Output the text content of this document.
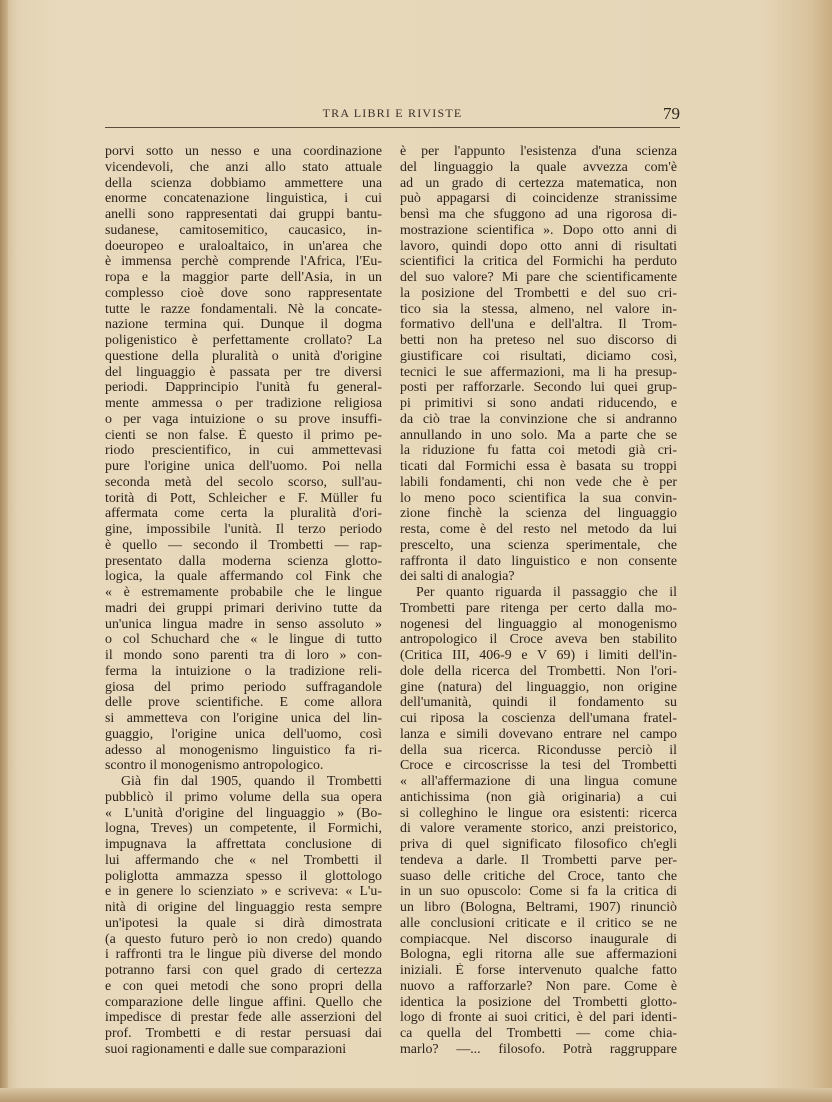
TRA LIBRI E RIVISTE	79
porvi sotto un nesso e una coordinazione
vicendevoli, che anzi allo stato attuale
della scienza dobbiamo ammettere una
enorme concatenazione linguistica, i cui
anelli sono rappresentati dai gruppi bantu-
sudanese, camitosemitico, caucasico, in-
doeuropeo e uraloaltaico, in un'area che
è immensa perchè comprende l'Africa, l'Eu-
ropa e la maggior parte dell'Asia, in un
complesso cioè dove sono rappresentate
tutte le razze fondamentali. Nè la concate-
nazione termina qui. Dunque il dogma
poligenistico è perfettamente crollato? La
questione della pluralità o unità d'origine
del linguaggio è passata per tre diversi
periodi. Dapprincipio l'unità fu general-
mente ammessa o per tradizione religiosa
o per vaga intuizione o su prove insuffi-
cienti se non false. È questo il primo pe-
riodo prescientifico, in cui ammettevasi
pure l'origine unica dell'uomo. Poi nella
seconda metà del secolo scorso, sull'au-
torità di Pott, Schleicher e F. Müller fu
affermata come certa la pluralità d'ori-
gine, impossibile l'unità. Il terzo periodo
è quello — secondo il Trombetti — rap-
presentato dalla moderna scienza glotto-
logica, la quale affermando col Fink che
« è estremamente probabile che le lingue
madri dei gruppi primari derivino tutte da
un'unica lingua madre in senso assoluto »
o col Schuchard che « le lingue di tutto
il mondo sono parenti tra di loro » con-
ferma la intuizione o la tradizione reli-
giosa del primo periodo suffragandole
delle prove scientifiche. E come allora
si ammetteva con l'origine unica del lin-
guaggio, l'origine unica dell'uomo, così
adesso al monogenismo linguistico fa ri-
scontro il monogenismo antropologico.
Già fin dal 1905, quando il Trombetti
pubblicò il primo volume della sua opera
« L'unità d'origine del linguaggio » (Bo-
logna, Treves) un competente, il Formichi,
impugnava la affrettata conclusione di
lui affermando che « nel Trombetti il
poliglotta ammazza spesso il glottologo
e in genere lo scienziato » e scriveva: « L'u-
nità di origine del linguaggio resta sempre
un'ipotesi la quale si dirà dimostrata
(a questo futuro però io non credo) quando
i raffronti tra le lingue più diverse del mondo
potranno farsi con quel grado di certezza
e con quei metodi che sono propri della
comparazione delle lingue affini. Quello che
impedisce di prestar fede alle asserzioni del
prof. Trombetti e di restar persuasi dai
suoi ragionamenti e dalle sue comparazioni
è per l'appunto l'esistenza d'una scienza
del linguaggio la quale avvezza com'è
ad un grado di certezza matematica, non
può appagarsi di coincidenze stranissime
bensì ma che sfuggono ad una rigorosa di-
mostrazione scientifica ». Dopo otto anni di
lavoro, quindi dopo otto anni di risultati
scientifici la critica del Formichi ha perduto
del suo valore? Mi pare che scientificamente
la posizione del Trombetti e del suo cri-
tico sia la stessa, almeno, nel valore in-
formativo dell'una e dell'altra. Il Trom-
betti non ha preteso nel suo discorso di
giustificare coi risultati, diciamo così,
tecnici le sue affermazioni, ma li ha presup-
posti per rafforzarle. Secondo lui quei grup-
pi primitivi si sono andati riducendo, e
da ciò trae la convinzione che si andranno
annullando in uno solo. Ma a parte che se
la riduzione fu fatta coi metodi già cri-
ticati dal Formichi essa è basata su troppi
labili fondamenti, chi non vede che è per
lo meno poco scientifica la sua convin-
zione finchè la scienza del linguaggio
resta, come è del resto nel metodo da lui
prescelto, una scienza sperimentale, che
raffronta il dato linguistico e non consente
dei salti di analogia?
Per quanto riguarda il passaggio che il
Trombetti pare ritenga per certo dalla mo-
nogenesi del linguaggio al monogenismo
antropologico il Croce aveva ben stabilito
(Critica III, 406-9 e V 69) i limiti dell'in-
dole della ricerca del Trombetti. Non l'ori-
gine (natura) del linguaggio, non origine
dell'umanità, quindi il fondamento su
cui riposa la coscienza dell'umana fratel-
lanza e simili dovevano entrare nel campo
della sua ricerca. Ricondusse perciò il
Croce e circoscrisse la tesi del Trombetti
« all'affermazione di una lingua comune
antichissima (non già originaria) a cui
si colleghino le lingue ora esistenti: ricerca
di valore veramente storico, anzi preistorico,
priva di quel significato filosofico ch'egli
tendeva a darle. Il Trombetti parve per-
suaso delle critiche del Croce, tanto che
in un suo opuscolo: Come si fa la critica di
un libro (Bologna, Beltrami, 1907) rinunciò
alle conclusioni criticate e il critico se ne
compiacque. Nel discorso inaugurale di
Bologna, egli ritorna alle sue affermazioni
iniziali. È forse intervenuto qualche fatto
nuovo a rafforzarle? Non pare. Come è
identica la posizione del Trombetti glotto-
logo di fronte ai suoi critici, è del pari identi-
ca quella del Trombetti — come chia-
marlo? —... filosofo. Potrà raggruppare
